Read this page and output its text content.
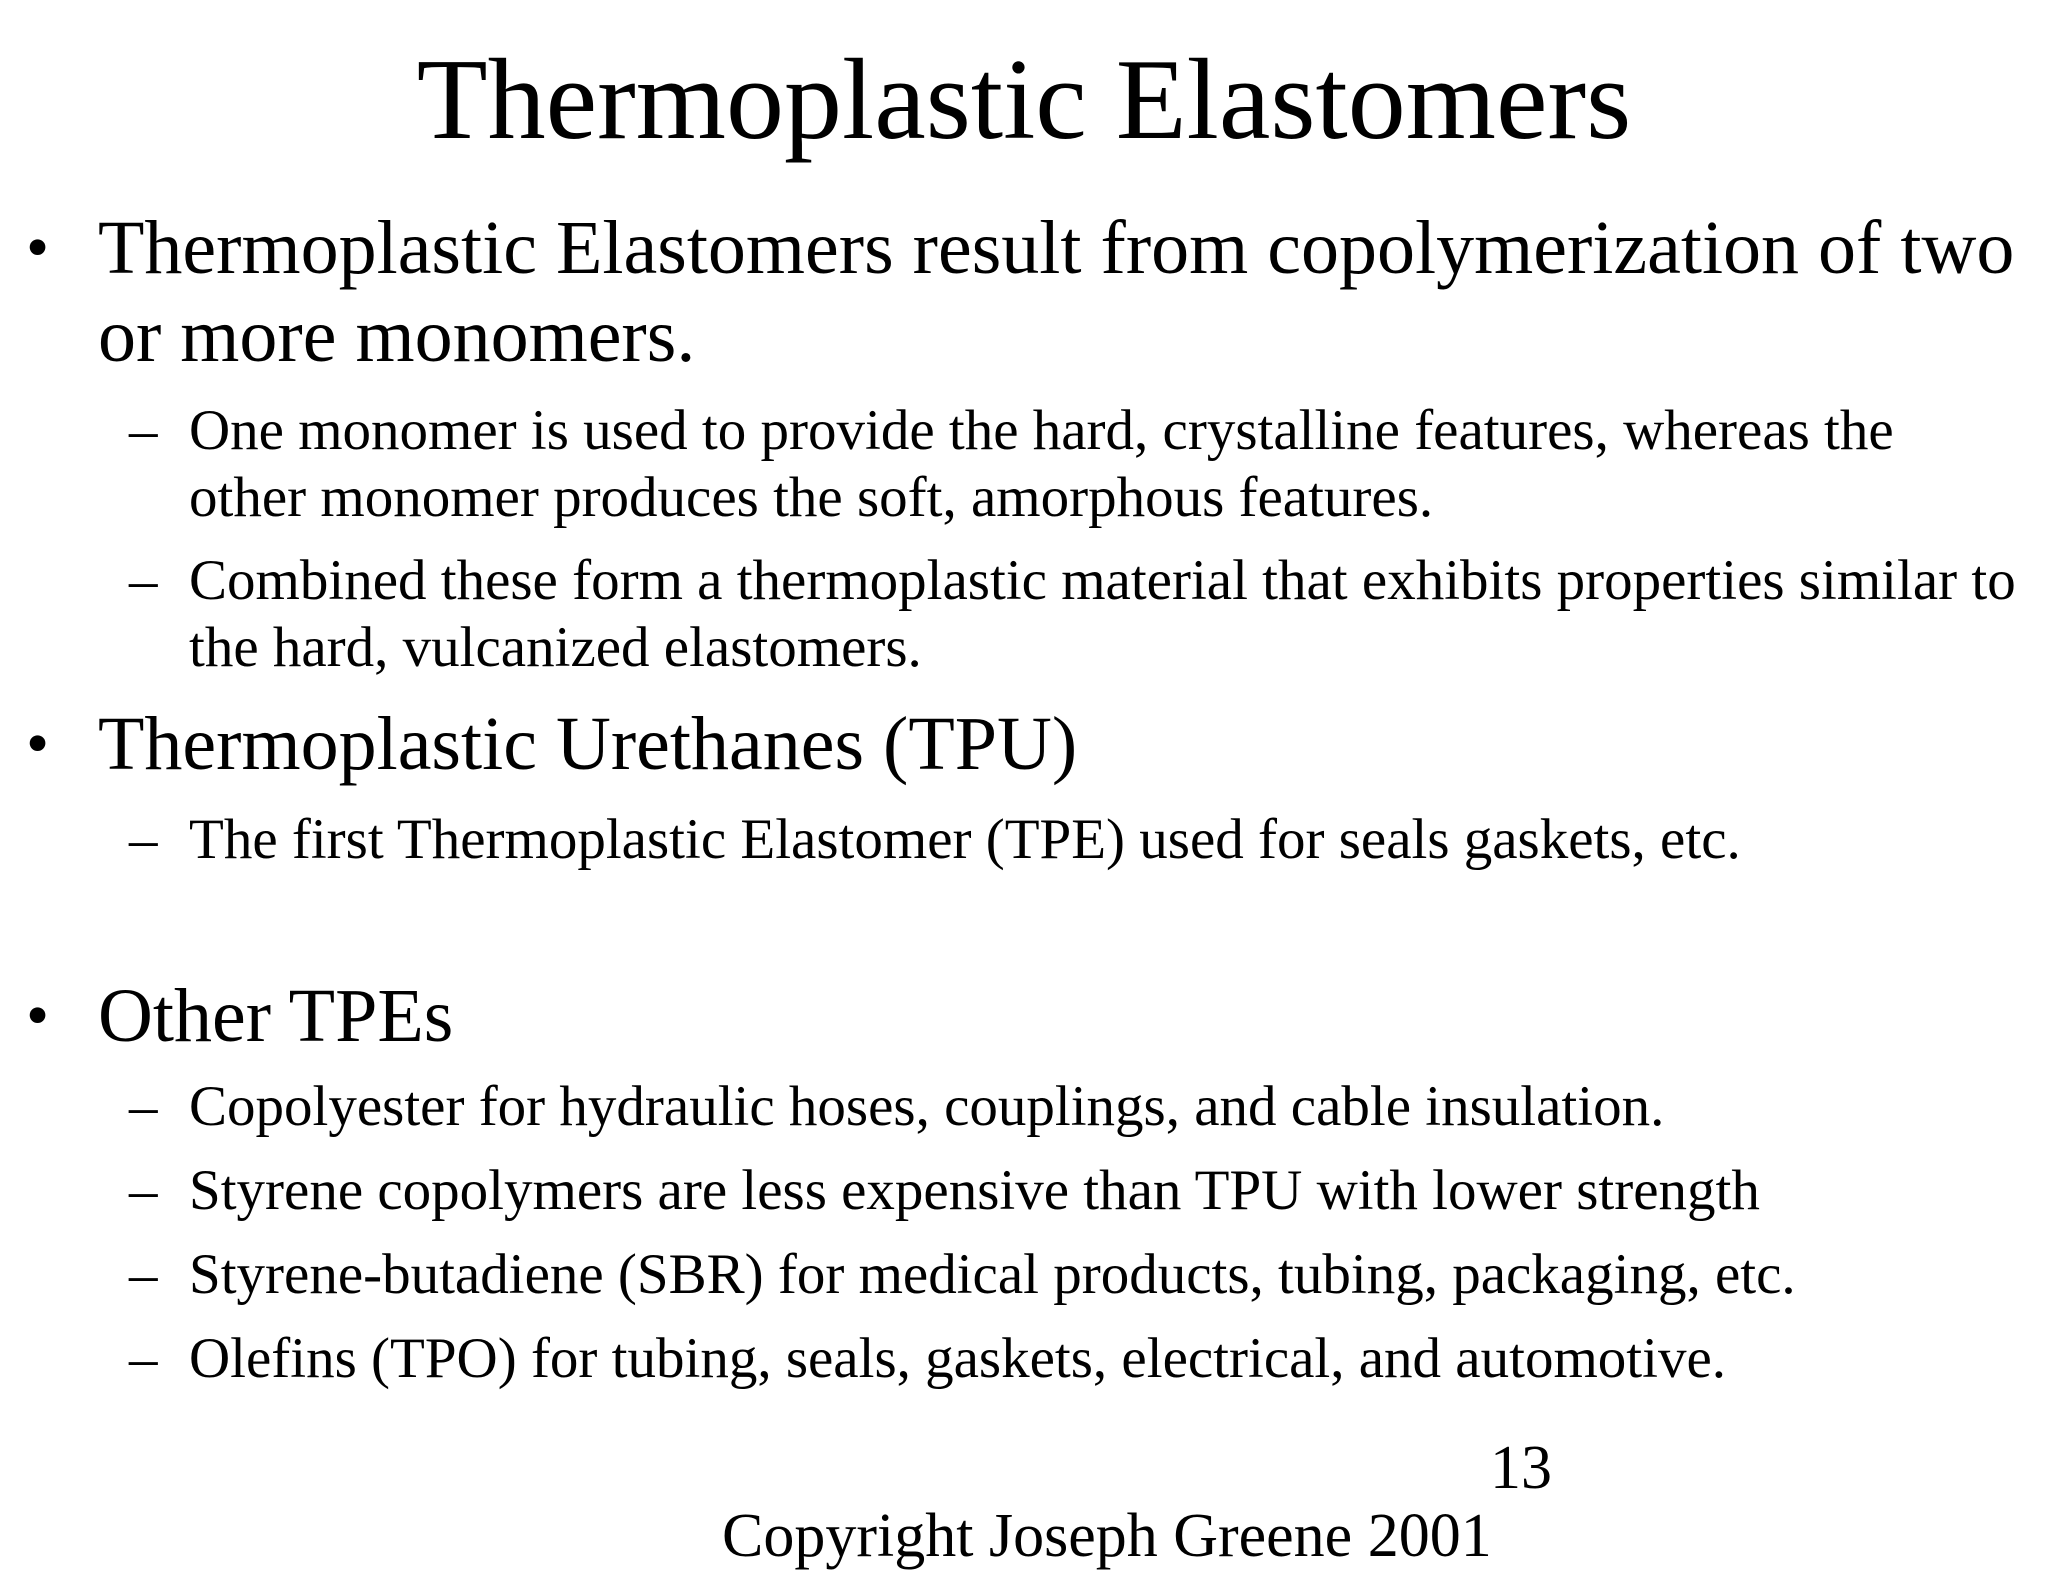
Thermoplastic Elastomers
• Thermoplastic Elastomers result from copolymerization of two or more monomers.
– One monomer is used to provide the hard, crystalline features, whereas the other monomer produces the soft, amorphous features.
– Combined these form a thermoplastic material that exhibits properties similar to the hard, vulcanized elastomers.
• Thermoplastic Urethanes (TPU)
– The first Thermoplastic Elastomer (TPE) used for seals gaskets, etc.
• Other TPEs
– Copolyester for hydraulic hoses, couplings, and cable insulation.
– Styrene copolymers are less expensive than TPU with lower strength
– Styrene-butadiene (SBR) for medical products, tubing, packaging, etc.
– Olefins (TPO) for tubing, seals, gaskets, electrical, and automotive.
13
Copyright Joseph Greene 2001
